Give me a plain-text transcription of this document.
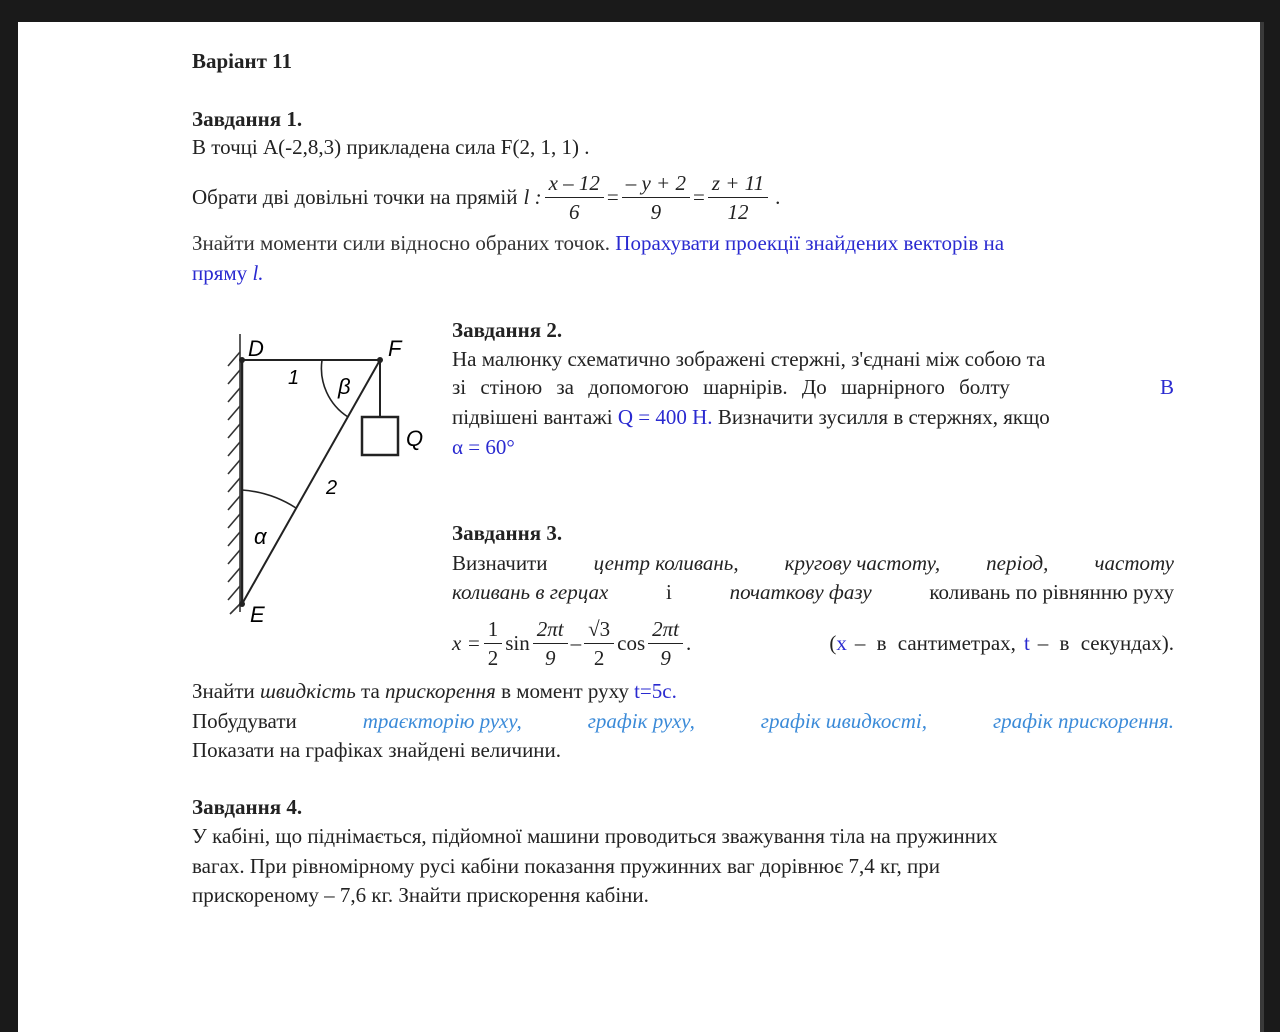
Варіант 11
Завдання 1.
В точці А(-2,8,3) прикладена сила F(2, 1, 1) .
Обрати дві довільні точки на прямій l : $\frac{x - 12}{6} = \frac{- y + 2}{9} = \frac{z + 11}{12}$ .
Знайти моменти сили відносно обраних точок. Порахувати проекції знайдених векторів на
пряму l.
D	F
Q
E
1
2
β
α
Завдання 2.
На малюнку схематично зображені стержні, з'єднані між собою та
зі стіною за допомогою шарнірів. До шарнірного болту	В
підвішені вантажі Q = 400 Н. Визначити зусилля в стержнях, якщо
α = 60°
Завдання 3.
Визначити центр коливань, кругову частоту, період, частоту
коливань в герцах	і	початкову фазу	коливань по рівнянню руху
$x = \frac{1}{2}$ $\sin \frac{2\pi t}{9} - \frac{√3}{2}$ $\cos \frac{2\pi t}{9}$ .	(x – в сантиметрах, t – в секундах).
Знайти швидкість та прискорення в момент руху t=5c.
Побудувати	траєкторію руху,	графік руху,	графік швидкості,	графік прискорення.
Показати на графіках знайдені величини.
Завдання 4.
У кабіні, що піднімається, підйомної машини проводиться зважування тіла на пружинних
вагах. При рівномірному русі кабіни показання пружинних ваг дорівнює 7,4 кг, при
прискореному – 7,6 кг. Знайти прискорення кабіни.
